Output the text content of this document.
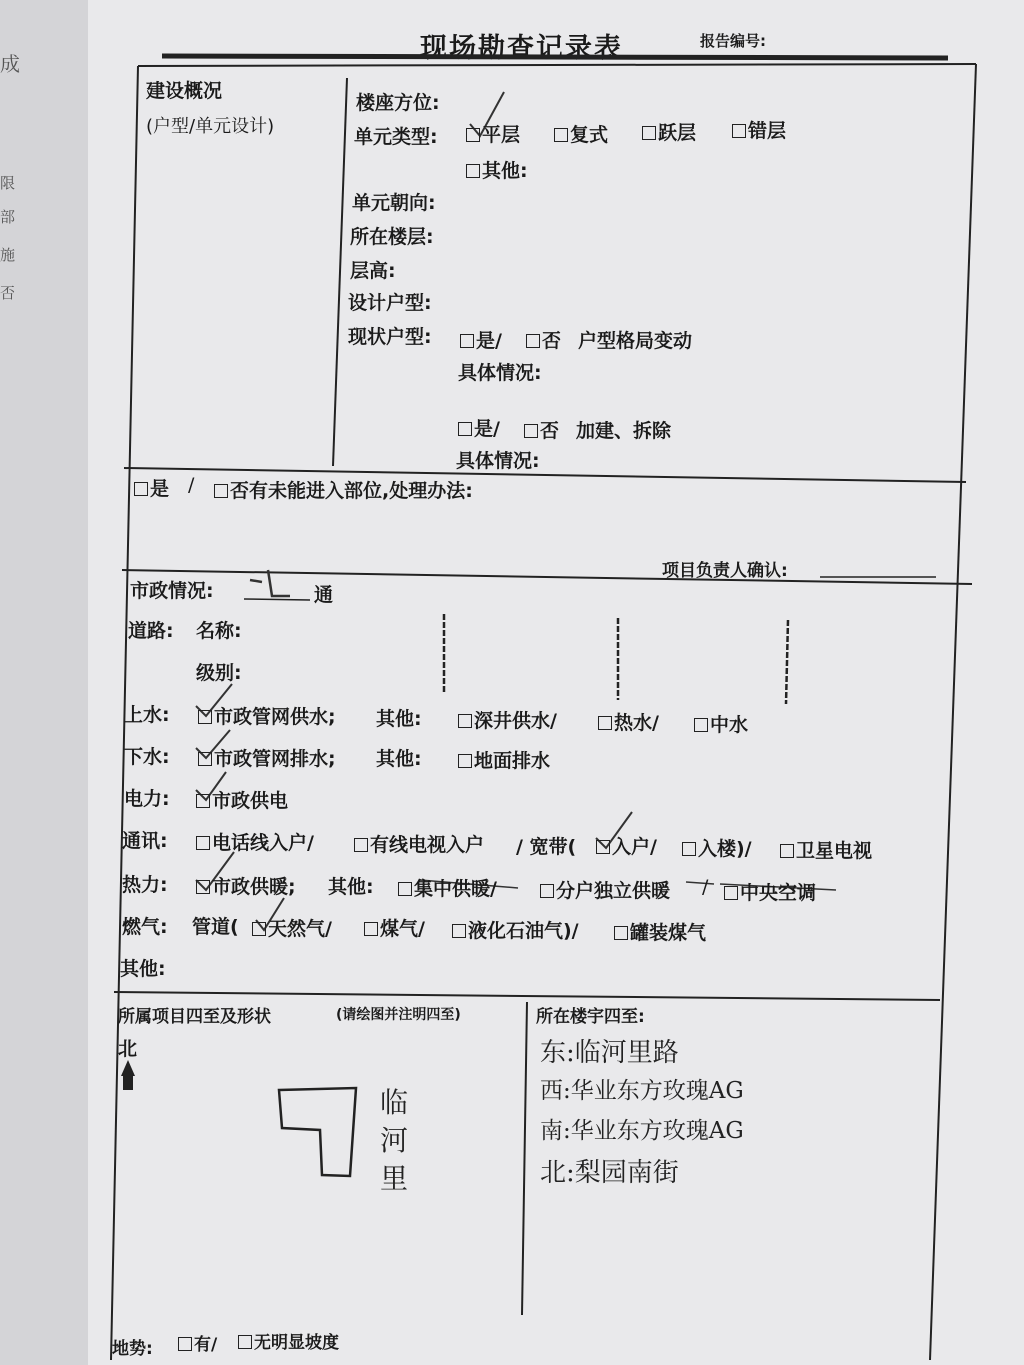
成
限
部
施
否
现场勘查记录表	报告编号:
建设概况
(户型/单元设计)
楼座方位:
单元类型:	平层	复式	跃层	错层
其他:
单元朝向:
所在楼层:
层高:
设计户型:
现状户型:	是/	否 户型格局变动
具体情况:
是/	否 加建、拆除
具体情况:
是 /	否有未能进入部位,处理办法:
项目负责人确认:
市政情况:	通
道路: 名称:
级别:
上水:	市政管网供水; 其他:	深井供水/	热水/	中水
下水:	市政管网排水; 其他:	地面排水
电力:	市政供电
通讯:	电话线入户/	有线电视入户 / 宽带(	入户/	入楼)/	卫星电视
热力:	市政供暖; 其他:	集中供暖/	分户独立供暖 /	中央空调
燃气: 管道(	天然气/	煤气/	液化石油气)/	罐装煤气
其他:
所属项目四至及形状	(请绘图并注明四至)
北
临
河
里
所在楼宇四至:
东:临河里路
西:华业东方玫瑰AG
南:华业东方玫瑰AG
北:梨园南街
地势:	有/	无明显坡度
